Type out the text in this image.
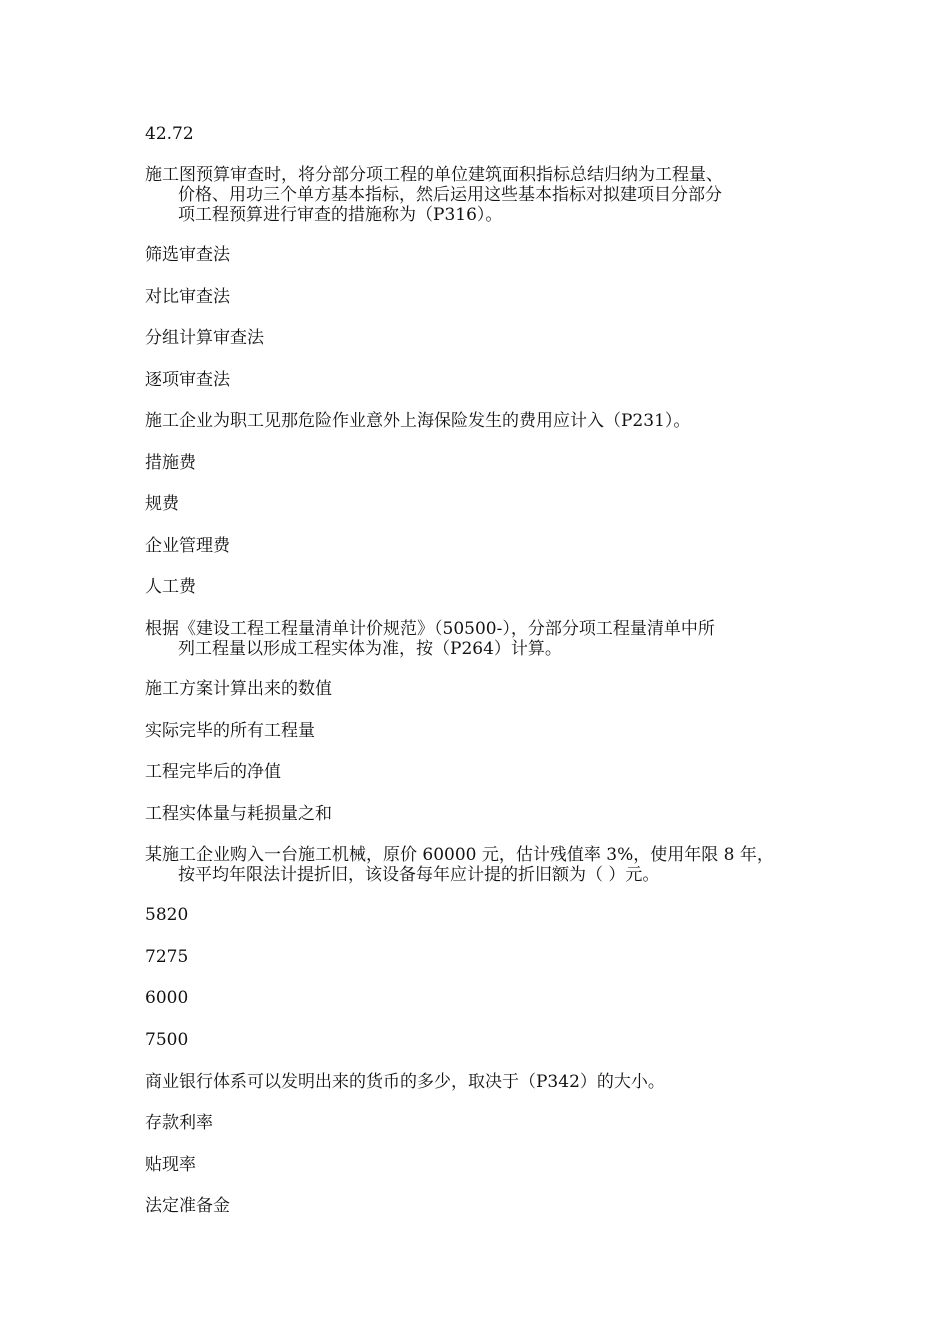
42.72
施工图预算审查时，将分部分项工程的单位建筑面积指标总结归纳为工程量、
价格、用功三个单方基本指标，然后运用这些基本指标对拟建项目分部分
项工程预算进行审查的措施称为（P316）。
筛选审查法
对比审查法
分组计算审查法
逐项审查法
施工企业为职工见那危险作业意外上海保险发生的费用应计入（P231）。
措施费
规费
企业管理费
人工费
根据《建设工程工程量清单计价规范》（50500-），分部分项工程量清单中所
列工程量以形成工程实体为准，按（P264）计算。
施工方案计算出来的数值
实际完毕的所有工程量
工程完毕后的净值
工程实体量与耗损量之和
某施工企业购入一台施工机械，原价 60000 元，估计残值率 3%，使用年限 8 年，
按平均年限法计提折旧，该设备每年应计提的折旧额为（ ）元。
5820
7275
6000
7500
商业银行体系可以发明出来的货币的多少，取决于（P342）的大小。
存款利率
贴现率
法定准备金
